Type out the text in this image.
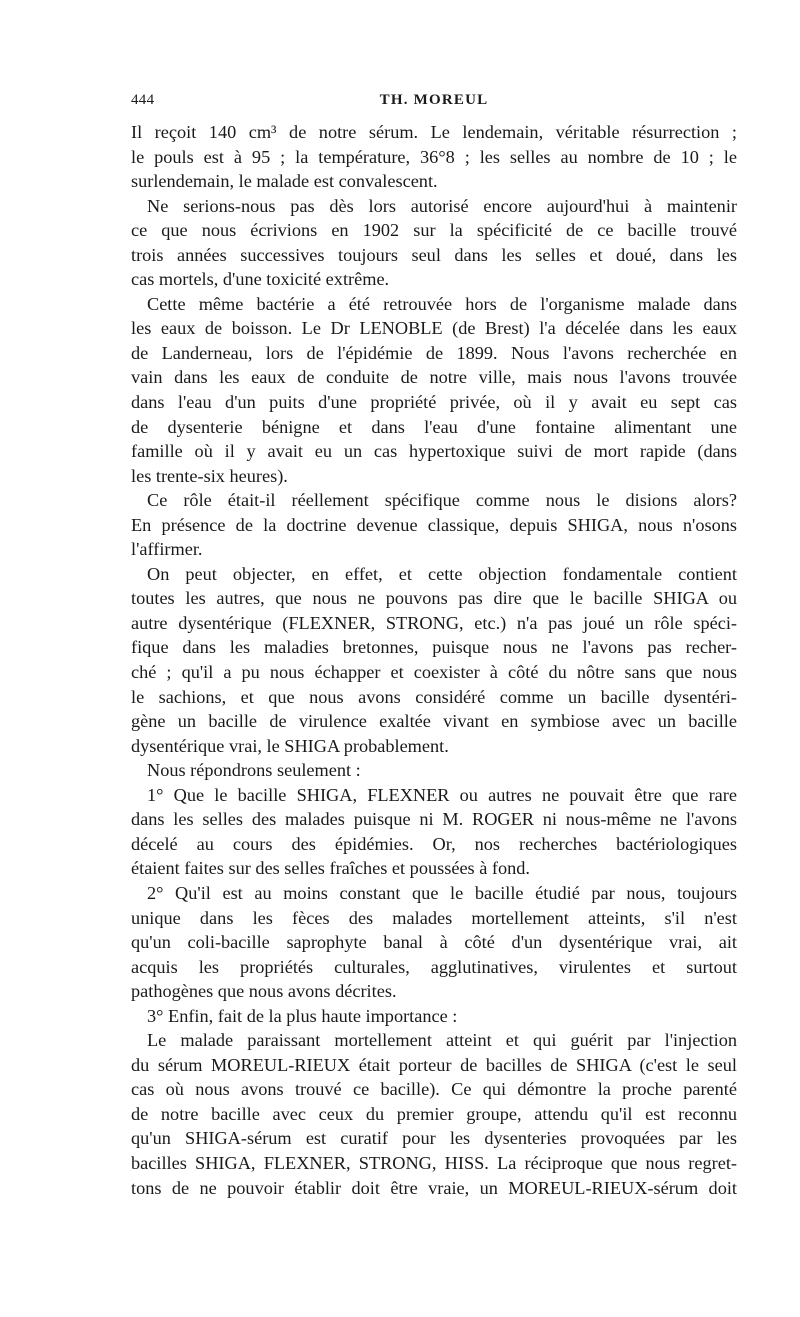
444	TH. MOREUL
Il reçoit 140 cm³ de notre sérum. Le lendemain, véritable résurrection ;
le pouls est à 95 ; la température, 36°8 ; les selles au nombre de 10 ; le
surlendemain, le malade est convalescent.
Ne serions-nous pas dès lors autorisé encore aujourd'hui à maintenir
ce que nous écrivions en 1902 sur la spécificité de ce bacille trouvé
trois années successives toujours seul dans les selles et doué, dans les
cas mortels, d'une toxicité extrême.
Cette même bactérie a été retrouvée hors de l'organisme malade dans
les eaux de boisson. Le Dr LENOBLE (de Brest) l'a décelée dans les eaux
de Landerneau, lors de l'épidémie de 1899. Nous l'avons recherchée en
vain dans les eaux de conduite de notre ville, mais nous l'avons trouvée
dans l'eau d'un puits d'une propriété privée, où il y avait eu sept cas
de dysenterie bénigne et dans l'eau d'une fontaine alimentant une
famille où il y avait eu un cas hypertoxique suivi de mort rapide (dans
les trente-six heures).
Ce rôle était-il réellement spécifique comme nous le disions alors?
En présence de la doctrine devenue classique, depuis SHIGA, nous n'osons
l'affirmer.
On peut objecter, en effet, et cette objection fondamentale contient
toutes les autres, que nous ne pouvons pas dire que le bacille SHIGA ou
autre dysentérique (FLEXNER, STRONG, etc.) n'a pas joué un rôle spéci-
fique dans les maladies bretonnes, puisque nous ne l'avons pas recher-
ché ; qu'il a pu nous échapper et coexister à côté du nôtre sans que nous
le sachions, et que nous avons considéré comme un bacille dysentéri-
gène un bacille de virulence exaltée vivant en symbiose avec un bacille
dysentérique vrai, le SHIGA probablement.
Nous répondrons seulement :
1° Que le bacille SHIGA, FLEXNER ou autres ne pouvait être que rare
dans les selles des malades puisque ni M. ROGER ni nous-même ne l'avons
décelé au cours des épidémies. Or, nos recherches bactériologiques
étaient faites sur des selles fraîches et poussées à fond.
2° Qu'il est au moins constant que le bacille étudié par nous, toujours
unique dans les fèces des malades mortellement atteints, s'il n'est
qu'un coli-bacille saprophyte banal à côté d'un dysentérique vrai, ait
acquis les propriétés culturales, agglutinatives, virulentes et surtout
pathogènes que nous avons décrites.
3° Enfin, fait de la plus haute importance :
Le malade paraissant mortellement atteint et qui guérit par l'injection
du sérum MOREUL-RIEUX était porteur de bacilles de SHIGA (c'est le seul
cas où nous avons trouvé ce bacille). Ce qui démontre la proche parenté
de notre bacille avec ceux du premier groupe, attendu qu'il est reconnu
qu'un SHIGA-sérum est curatif pour les dysenteries provoquées par les
bacilles SHIGA, FLEXNER, STRONG, HISS. La réciproque que nous regret-
tons de ne pouvoir établir doit être vraie, un MOREUL-RIEUX-sérum doit
